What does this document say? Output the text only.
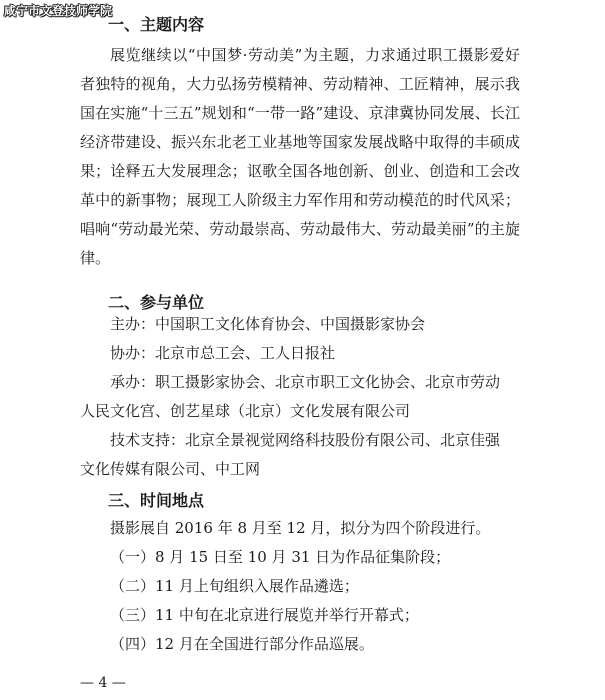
咸宁市文登技师学院
一、主题内容
展览继续以“中国梦·劳动美”为主题，力求通过职工摄影爱好者独特的视角，大力弘扬劳模精神、劳动精神、工匠精神，展示我国在实施“十三五”规划和“一带一路”建设、京津冀协同发展、长江经济带建设、振兴东北老工业基地等国家发展战略中取得的丰硕成果；诠释五大发展理念；讴歌全国各地创新、创业、创造和工会改革中的新事物；展现工人阶级主力军作用和劳动模范的时代风采；唱响“劳动最光荣、劳动最崇高、劳动最伟大、劳动最美丽”的主旋律。
二、参与单位
主办：中国职工文化体育协会、中国摄影家协会
协办：北京市总工会、工人日报社
承办：职工摄影家协会、北京市职工文化协会、北京市劳动
人民文化宫、创艺星球（北京）文化发展有限公司
技术支持：北京全景视觉网络科技股份有限公司、北京佳强
文化传媒有限公司、中工网
三、时间地点
摄影展自 2016 年 8 月至 12 月，拟分为四个阶段进行。
（一）8 月 15 日至 10 月 31 日为作品征集阶段；
（二）11 月上旬组织入展作品遴选；
（三）11 中旬在北京进行展览并举行开幕式；
（四）12 月在全国进行部分作品巡展。
— 4 —
